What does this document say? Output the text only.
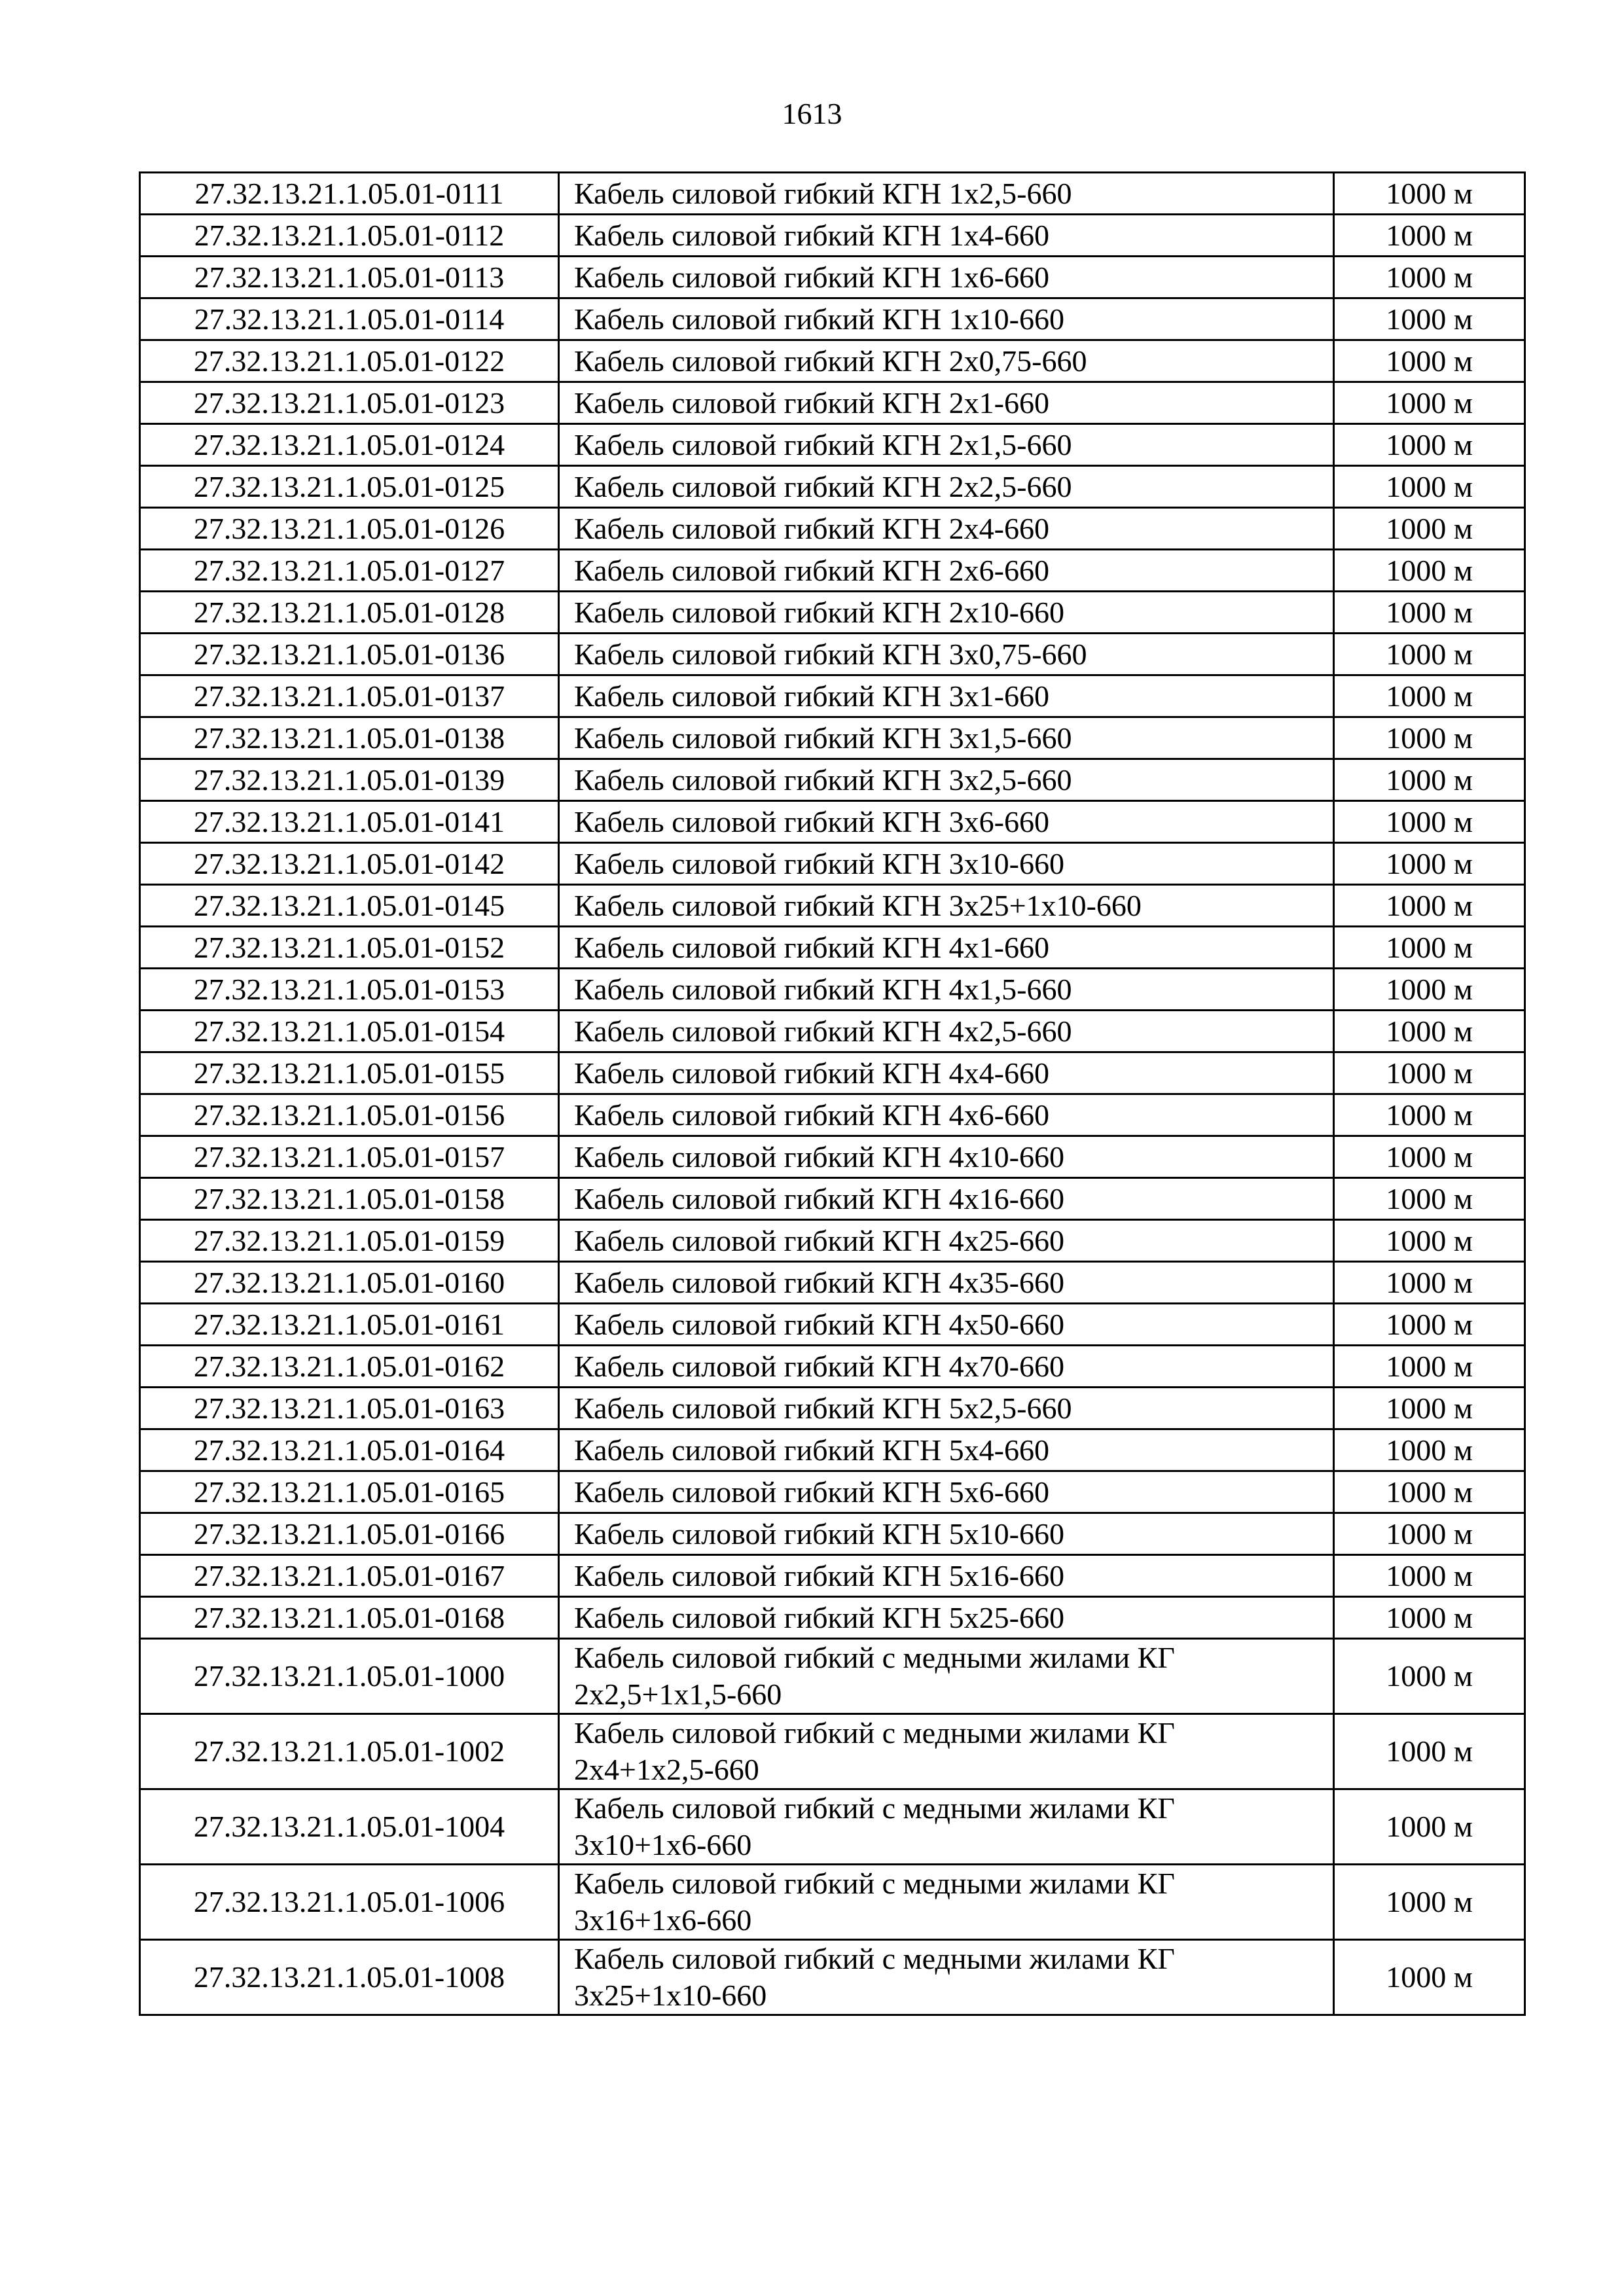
1613
27.32.13.21.1.05.01-0111	Кабель силовой гибкий КГН 1x2,5-660	1000 м
27.32.13.21.1.05.01-0112	Кабель силовой гибкий КГН 1x4-660	1000 м
27.32.13.21.1.05.01-0113	Кабель силовой гибкий КГН 1x6-660	1000 м
27.32.13.21.1.05.01-0114	Кабель силовой гибкий КГН 1x10-660	1000 м
27.32.13.21.1.05.01-0122	Кабель силовой гибкий КГН 2x0,75-660	1000 м
27.32.13.21.1.05.01-0123	Кабель силовой гибкий КГН 2x1-660	1000 м
27.32.13.21.1.05.01-0124	Кабель силовой гибкий КГН 2x1,5-660	1000 м
27.32.13.21.1.05.01-0125	Кабель силовой гибкий КГН 2x2,5-660	1000 м
27.32.13.21.1.05.01-0126	Кабель силовой гибкий КГН 2x4-660	1000 м
27.32.13.21.1.05.01-0127	Кабель силовой гибкий КГН 2x6-660	1000 м
27.32.13.21.1.05.01-0128	Кабель силовой гибкий КГН 2x10-660	1000 м
27.32.13.21.1.05.01-0136	Кабель силовой гибкий КГН 3x0,75-660	1000 м
27.32.13.21.1.05.01-0137	Кабель силовой гибкий КГН 3x1-660	1000 м
27.32.13.21.1.05.01-0138	Кабель силовой гибкий КГН 3x1,5-660	1000 м
27.32.13.21.1.05.01-0139	Кабель силовой гибкий КГН 3x2,5-660	1000 м
27.32.13.21.1.05.01-0141	Кабель силовой гибкий КГН 3x6-660	1000 м
27.32.13.21.1.05.01-0142	Кабель силовой гибкий КГН 3x10-660	1000 м
27.32.13.21.1.05.01-0145	Кабель силовой гибкий КГН 3x25+1x10-660	1000 м
27.32.13.21.1.05.01-0152	Кабель силовой гибкий КГН 4x1-660	1000 м
27.32.13.21.1.05.01-0153	Кабель силовой гибкий КГН 4x1,5-660	1000 м
27.32.13.21.1.05.01-0154	Кабель силовой гибкий КГН 4x2,5-660	1000 м
27.32.13.21.1.05.01-0155	Кабель силовой гибкий КГН 4x4-660	1000 м
27.32.13.21.1.05.01-0156	Кабель силовой гибкий КГН 4x6-660	1000 м
27.32.13.21.1.05.01-0157	Кабель силовой гибкий КГН 4x10-660	1000 м
27.32.13.21.1.05.01-0158	Кабель силовой гибкий КГН 4x16-660	1000 м
27.32.13.21.1.05.01-0159	Кабель силовой гибкий КГН 4x25-660	1000 м
27.32.13.21.1.05.01-0160	Кабель силовой гибкий КГН 4x35-660	1000 м
27.32.13.21.1.05.01-0161	Кабель силовой гибкий КГН 4x50-660	1000 м
27.32.13.21.1.05.01-0162	Кабель силовой гибкий КГН 4x70-660	1000 м
27.32.13.21.1.05.01-0163	Кабель силовой гибкий КГН 5x2,5-660	1000 м
27.32.13.21.1.05.01-0164	Кабель силовой гибкий КГН 5x4-660	1000 м
27.32.13.21.1.05.01-0165	Кабель силовой гибкий КГН 5x6-660	1000 м
27.32.13.21.1.05.01-0166	Кабель силовой гибкий КГН 5x10-660	1000 м
27.32.13.21.1.05.01-0167	Кабель силовой гибкий КГН 5x16-660	1000 м
27.32.13.21.1.05.01-0168	Кабель силовой гибкий КГН 5x25-660	1000 м
27.32.13.21.1.05.01-1000	Кабель силовой гибкий с медными жилами КГ
2x2,5+1x1,5-660	1000 м
27.32.13.21.1.05.01-1002	Кабель силовой гибкий с медными жилами КГ
2x4+1x2,5-660	1000 м
27.32.13.21.1.05.01-1004	Кабель силовой гибкий с медными жилами КГ
3x10+1x6-660	1000 м
27.32.13.21.1.05.01-1006	Кабель силовой гибкий с медными жилами КГ
3x16+1x6-660	1000 м
27.32.13.21.1.05.01-1008	Кабель силовой гибкий с медными жилами КГ
3x25+1x10-660	1000 м
